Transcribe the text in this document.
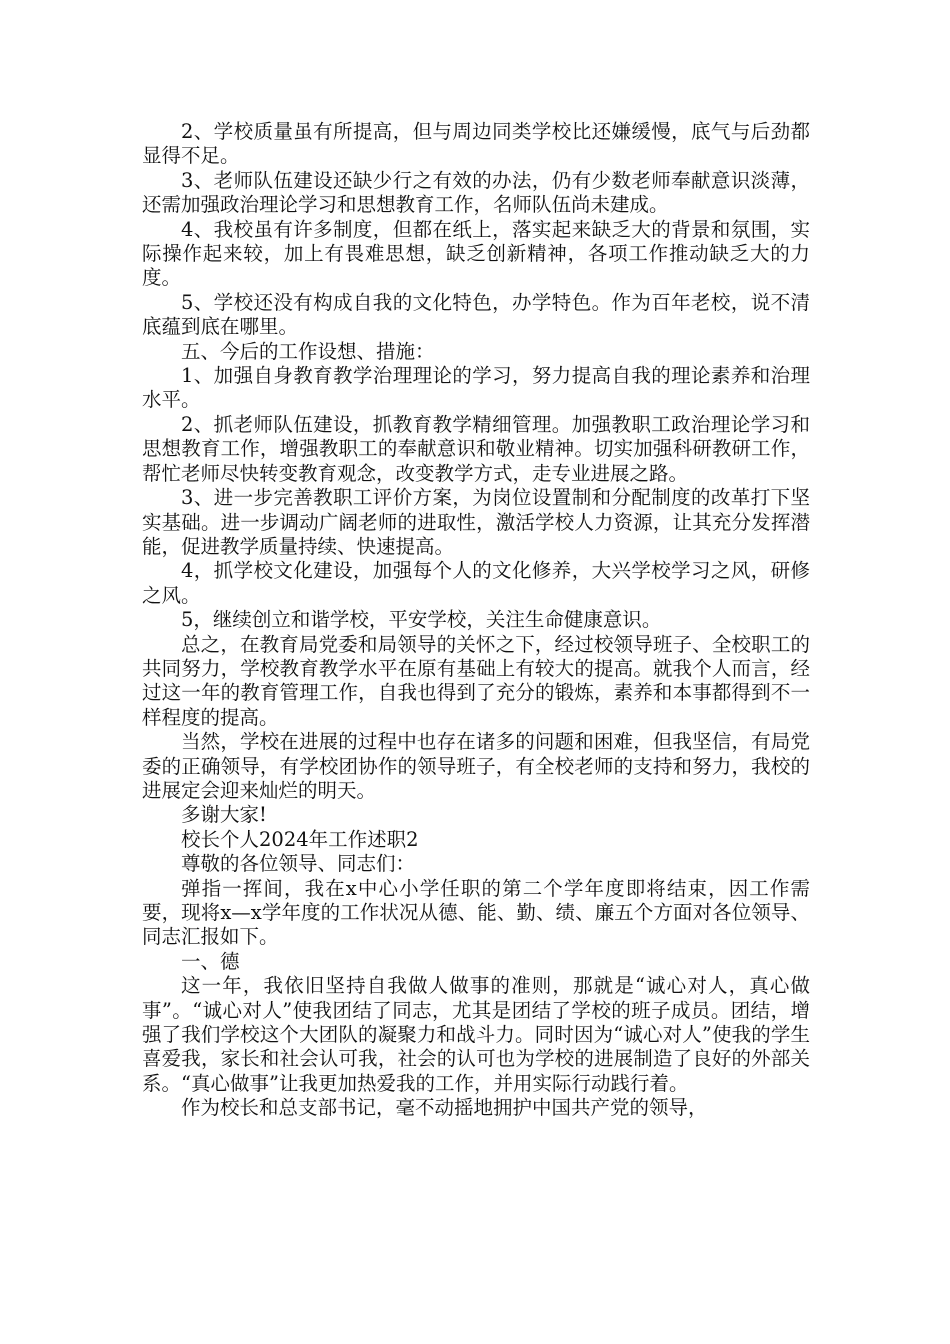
2、学校质量虽有所提高，但与周边同类学校比还嫌缓慢，底气与后劲都显得不足。

3、老师队伍建设还缺少行之有效的办法，仍有少数老师奉献意识淡薄，还需加强政治理论学习和思想教育工作，名师队伍尚未建成。

4、我校虽有许多制度，但都在纸上，落实起来缺乏大的背景和氛围，实际操作起来较，加上有畏难思想，缺乏创新精神，各项工作推动缺乏大的力度。

5、学校还没有构成自我的文化特色，办学特色。作为百年老校，说不清底蕴到底在哪里。

五、今后的工作设想、措施：

1、加强自身教育教学治理理论的学习，努力提高自我的理论素养和治理水平。

2、抓老师队伍建设，抓教育教学精细管理。加强教职工政治理论学习和思想教育工作，增强教职工的奉献意识和敬业精神。切实加强科研教研工作，帮忙老师尽快转变教育观念，改变教学方式，走专业进展之路。

3、进一步完善教职工评价方案，为岗位设置制和分配制度的改革打下坚实基础。进一步调动广阔老师的进取性，激活学校人力资源，让其充分发挥潜能，促进教学质量持续、快速提高。

4，抓学校文化建设，加强每个人的文化修养，大兴学校学习之风，研修之风。

5，继续创立和谐学校，平安学校，关注生命健康意识。

总之，在教育局党委和局领导的关怀之下，经过校领导班子、全校职工的共同努力，学校教育教学水平在原有基础上有较大的提高。就我个人而言，经过这一年的教育管理工作，自我也得到了充分的锻炼，素养和本事都得到不一样程度的提高。

当然，学校在进展的过程中也存在诸多的问题和困难，但我坚信，有局党委的正确领导，有学校团协作的领导班子，有全校老师的支持和努力，我校的进展定会迎来灿烂的明天。

多谢大家!

校长个人2024年工作述职2

尊敬的各位领导、同志们：

弹指一挥间，我在x中心小学任职的第二个学年度即将结束，因工作需要，现将x—x学年度的工作状况从德、能、勤、绩、廉五个方面对各位领导、同志汇报如下。

一、德

这一年，我依旧坚持自我做人做事的准则，那就是“诚心对人，真心做事”。“诚心对人”使我团结了同志，尤其是团结了学校的班子成员。团结，增强了我们学校这个大团队的凝聚力和战斗力。同时因为“诚心对人”使我的学生喜爱我，家长和社会认可我，社会的认可也为学校的进展制造了良好的外部关系。“真心做事”让我更加热爱我的工作，并用实际行动践行着。

作为校长和总支部书记，毫不动摇地拥护中国共产党的领导，
